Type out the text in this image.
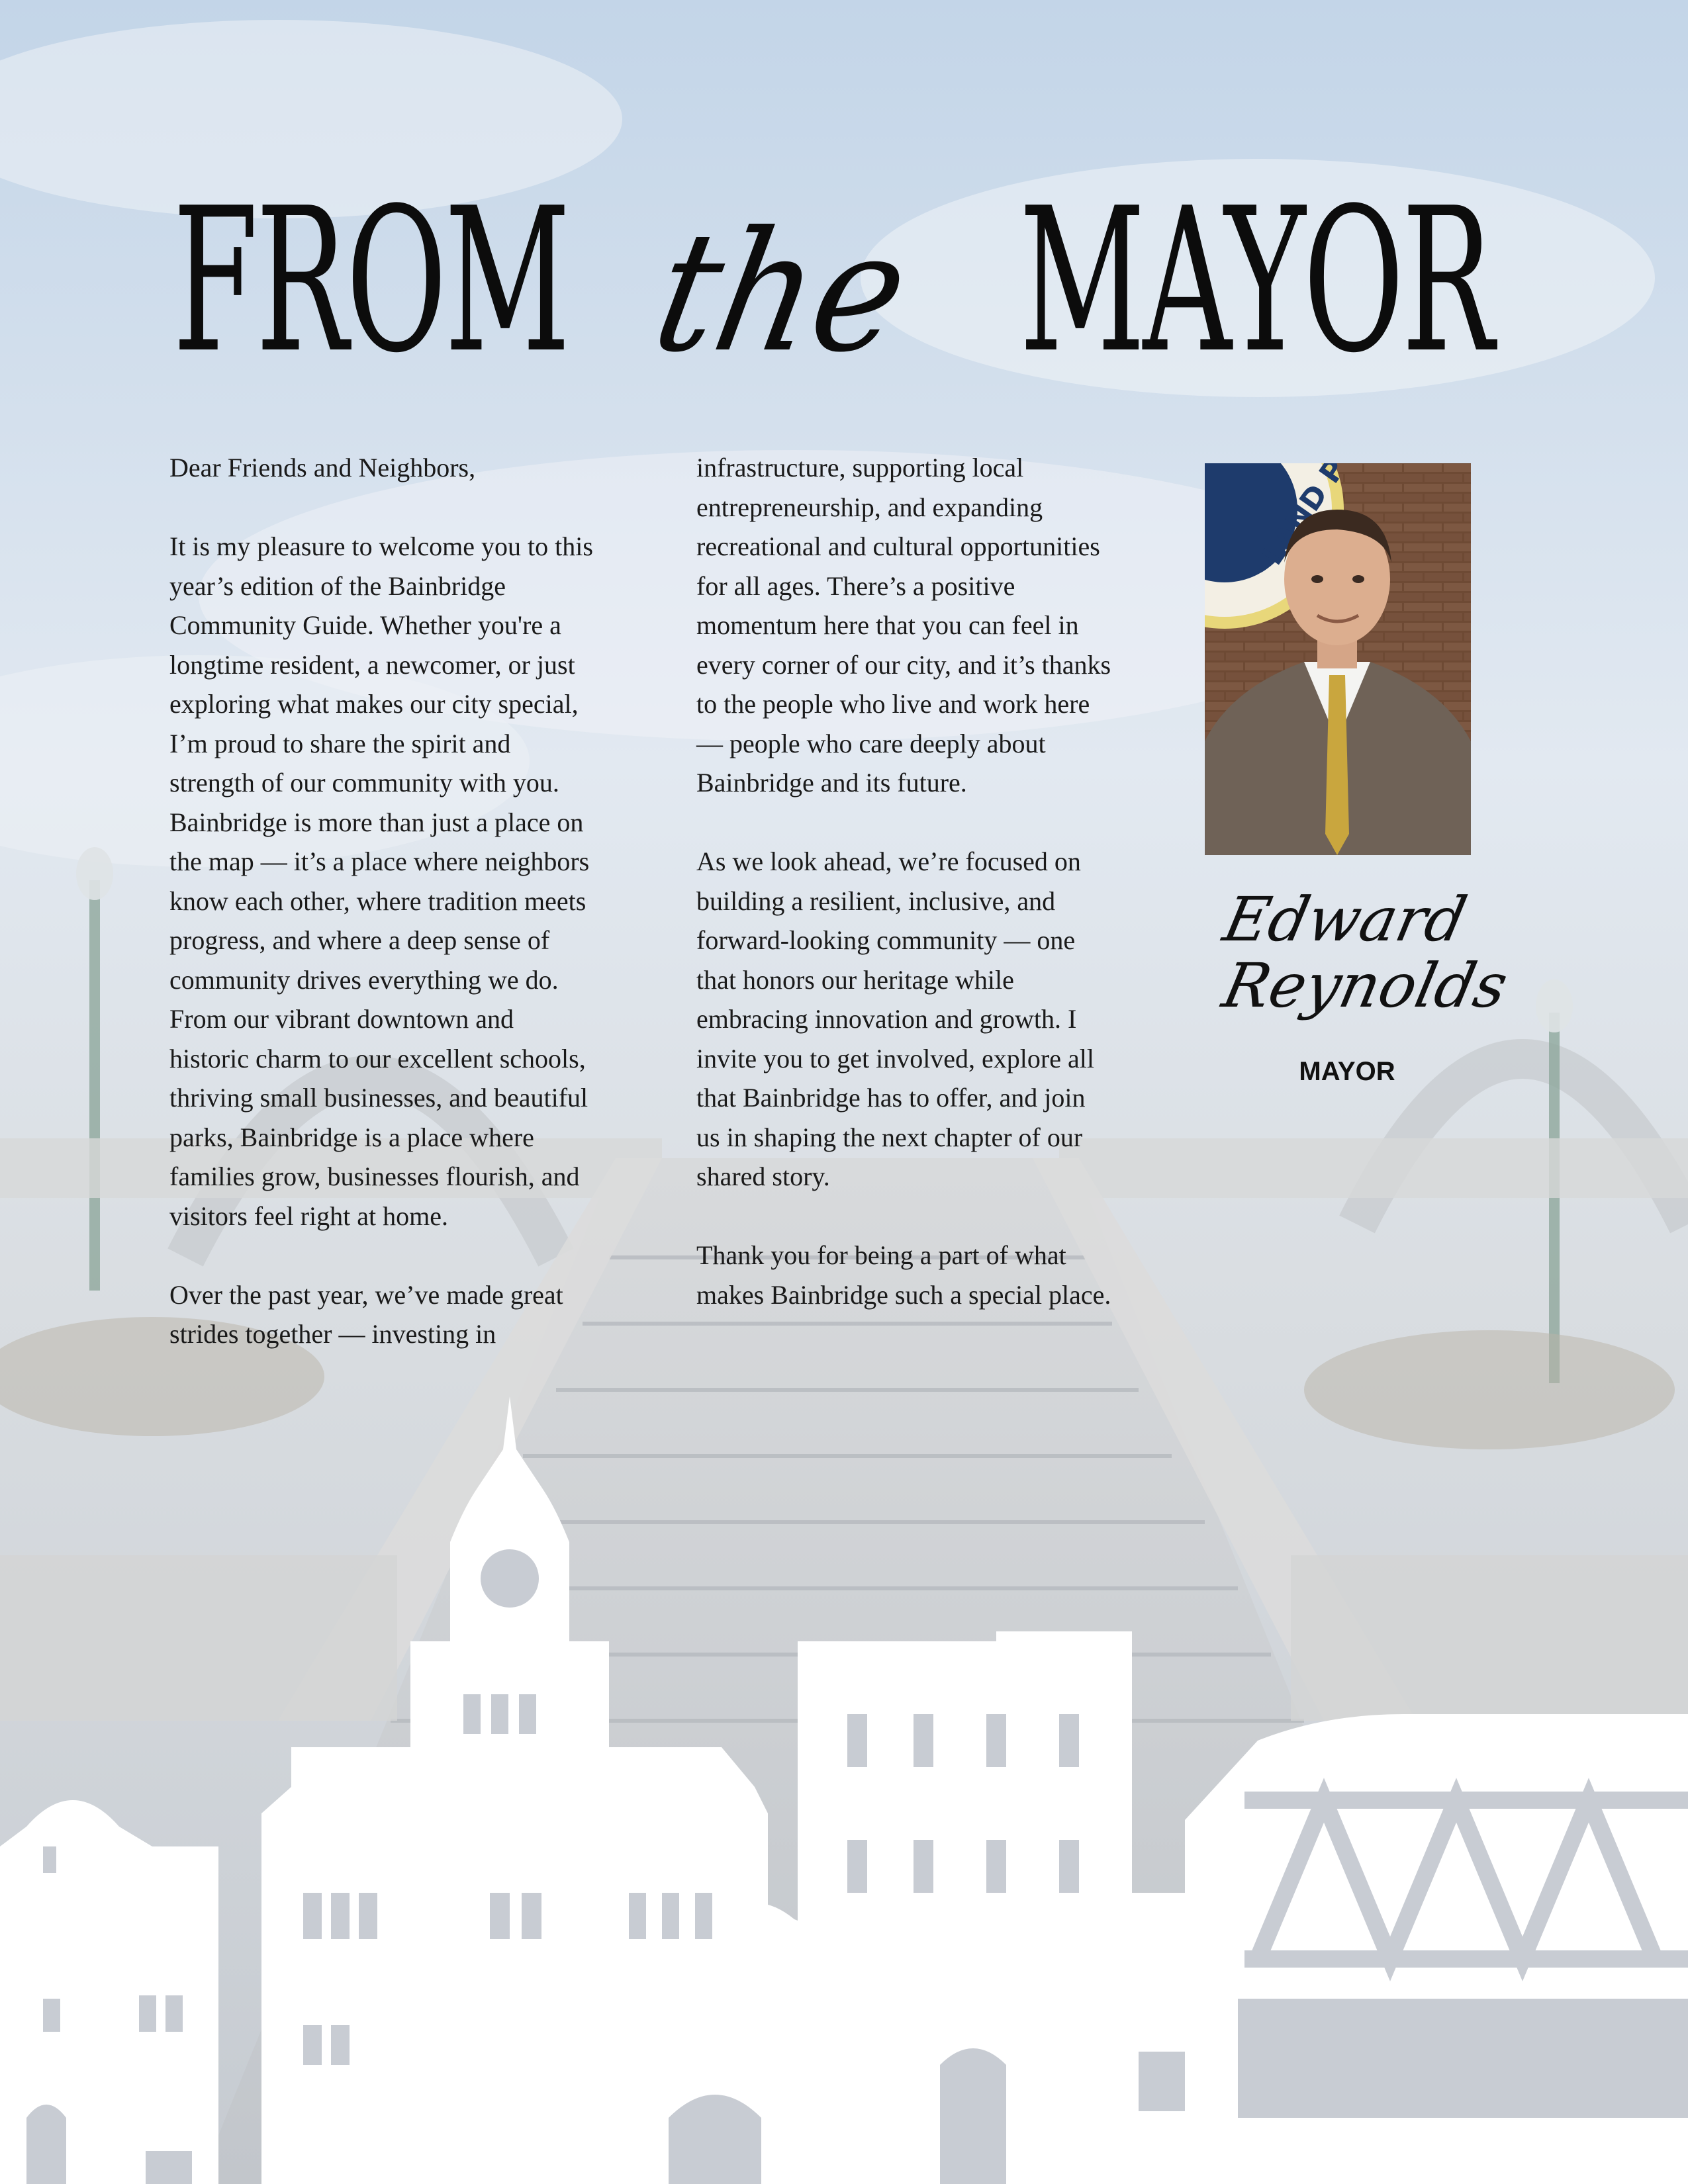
FROM the MAYOR
Dear Friends and Neighbors,

It is my pleasure to welcome you to this
year’s edition of the Bainbridge
Community Guide. Whether you're a
longtime resident, a newcomer, or just
exploring what makes our city special,
I’m proud to share the spirit and
strength of our community with you.
Bainbridge is more than just a place on
the map — it’s a place where neighbors
know each other, where tradition meets
progress, and where a deep sense of
community drives everything we do.
From our vibrant downtown and
historic charm to our excellent schools,
thriving small businesses, and beautiful
parks, Bainbridge is a place where
families grow, businesses flourish, and
visitors feel right at home.

Over the past year, we’ve made great
strides together — investing in
infrastructure, supporting local
entrepreneurship, and expanding
recreational and cultural opportunities
for all ages. There’s a positive
momentum here that you can feel in
every corner of our city, and it’s thanks
to the people who live and work here
— people who care deeply about
Bainbridge and its future.

As we look ahead, we’re focused on
building a resilient, inclusive, and
forward-looking community — one
that honors our heritage while
embracing innovation and growth. I
invite you to get involved, explore all
that Bainbridge has to offer, and join
us in shaping the next chapter of our
shared story.

Thank you for being a part of what
makes Bainbridge such a special place.
LAND
Edward
Reynolds
MAYOR
